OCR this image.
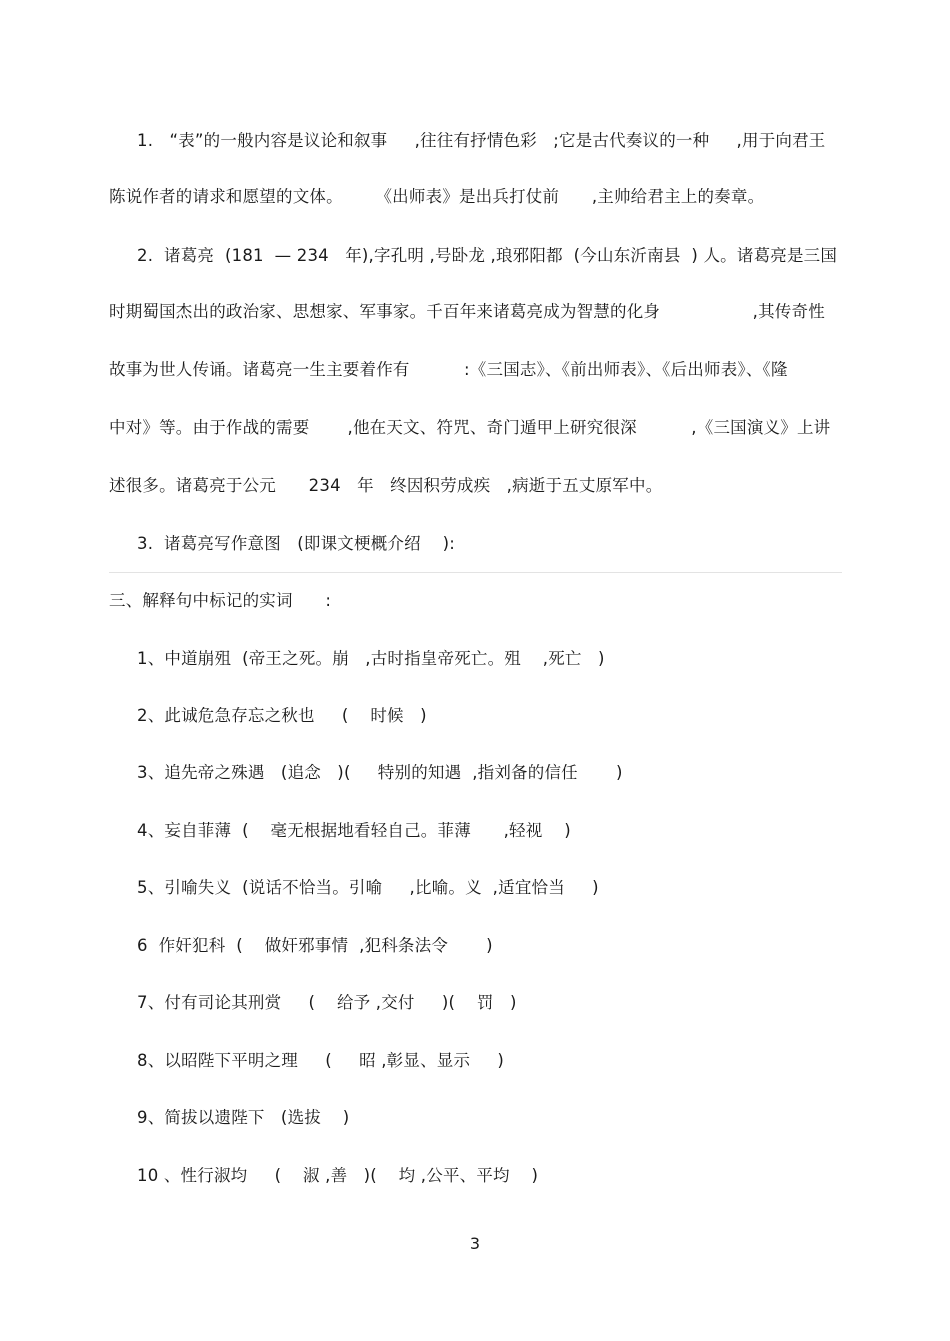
1.   “表”的一般内容是议论和叙事     ,往往有抒情色彩   ;它是古代奏议的一种     ,用于向君王

陈说作者的请求和愿望的文体。      《出师表》是出兵打仗前      ,主帅给君主上的奏章。

2.  诸葛亮  (181  — 234   年),字孔明 ,号卧龙 ,琅邪阳都  (今山东沂南县  ) 人。诸葛亮是三国

时期蜀国杰出的政治家、思想家、军事家。千百年来诸葛亮成为智慧的化身                 ,其传奇性

故事为世人传诵。诸葛亮一生主要着作有          :《三国志》、《前出师表》、《后出师表》、《隆

中对》等。由于作战的需要       ,他在天文、符咒、奇门遁甲上研究很深          ,《三国演义》上讲

述很多。诸葛亮于公元      234   年   终因积劳成疾   ,病逝于五丈原军中。

3.  诸葛亮写作意图   (即课文梗概介绍    ):

三、解释句中标记的实词      :

1、中道崩殂  (帝王之死。崩   ,古时指皇帝死亡。殂    ,死亡   )

2、此诚危急存忘之秋也     (    时候   )

3、追先帝之殊遇   (追念   )(     特别的知遇  ,指刘备的信任       )

4、妄自菲薄  (    毫无根据地看轻自己。菲薄      ,轻视    )

5、引喻失义  (说话不恰当。引喻     ,比喻。义  ,适宜恰当     )

6  作奸犯科  (    做奸邪事情  ,犯科条法令       )

7、付有司论其刑赏     (    给予 ,交付     )(    罚   )

8、以昭陛下平明之理     (     昭 ,彰显、显示     )

9、简拔以遗陛下   (选拔    )

10 、性行淑均     (    淑 ,善   )(    均 ,公平、平均    )

3
